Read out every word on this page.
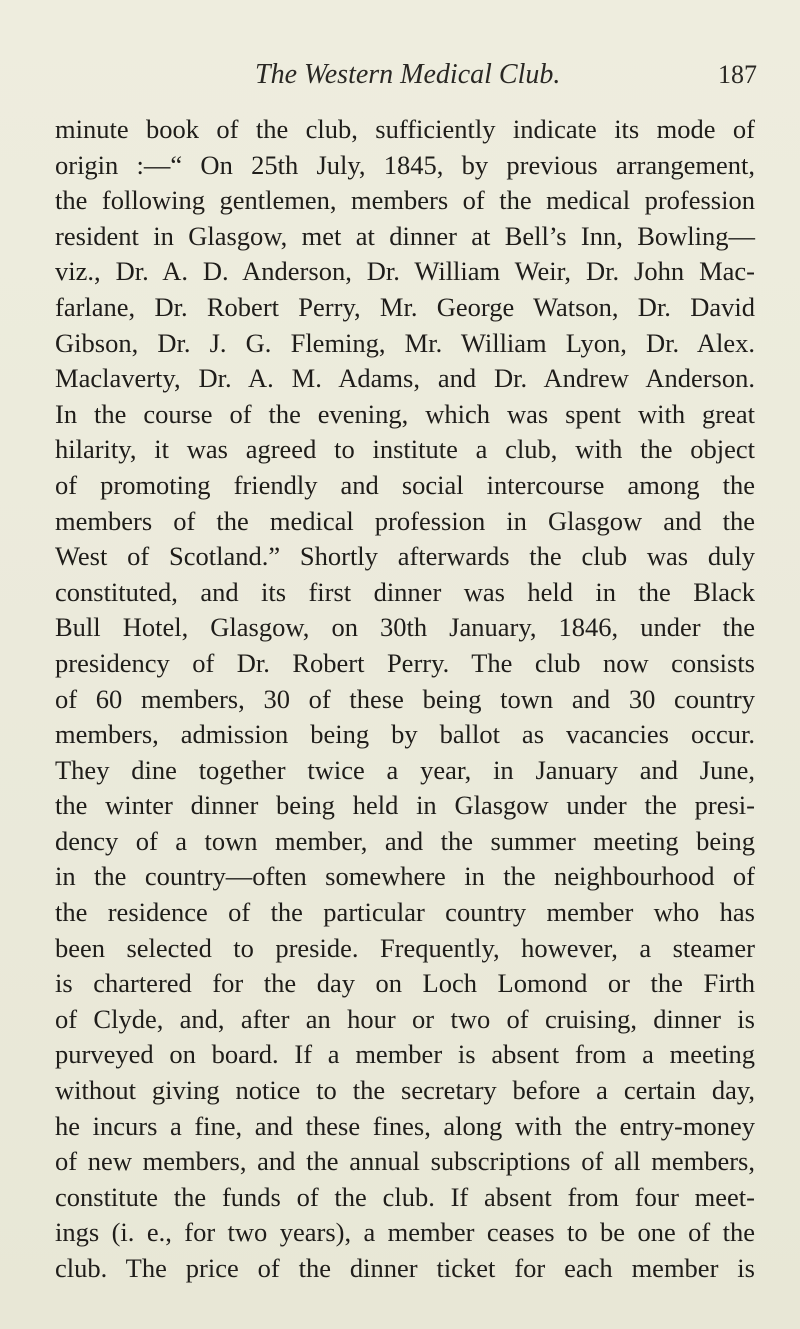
The Western Medical Club.	187
minute book of the club, sufficiently indicate its mode of
origin :—“ On 25th July, 1845, by previous arrangement,
the following gentlemen, members of the medical profession
resident in Glasgow, met at dinner at Bell’s Inn, Bowling—
viz., Dr. A. D. Anderson, Dr. William Weir, Dr. John Mac-
farlane, Dr. Robert Perry, Mr. George Watson, Dr. David
Gibson, Dr. J. G. Fleming, Mr. William Lyon, Dr. Alex.
Maclaverty, Dr. A. M. Adams, and Dr. Andrew Anderson.
In the course of the evening, which was spent with great
hilarity, it was agreed to institute a club, with the object
of promoting friendly and social intercourse among the
members of the medical profession in Glasgow and the
West of Scotland.” Shortly afterwards the club was duly
constituted, and its first dinner was held in the Black
Bull Hotel, Glasgow, on 30th January, 1846, under the
presidency of Dr. Robert Perry. The club now consists
of 60 members, 30 of these being town and 30 country
members, admission being by ballot as vacancies occur.
They dine together twice a year, in January and June,
the winter dinner being held in Glasgow under the presi-
dency of a town member, and the summer meeting being
in the country—often somewhere in the neighbourhood of
the residence of the particular country member who has
been selected to preside. Frequently, however, a steamer
is chartered for the day on Loch Lomond or the Firth
of Clyde, and, after an hour or two of cruising, dinner is
purveyed on board. If a member is absent from a meeting
without giving notice to the secretary before a certain day,
he incurs a fine, and these fines, along with the entry-money
of new members, and the annual subscriptions of all members,
constitute the funds of the club. If absent from four meet-
ings (i. e., for two years), a member ceases to be one of the
club. The price of the dinner ticket for each member is
